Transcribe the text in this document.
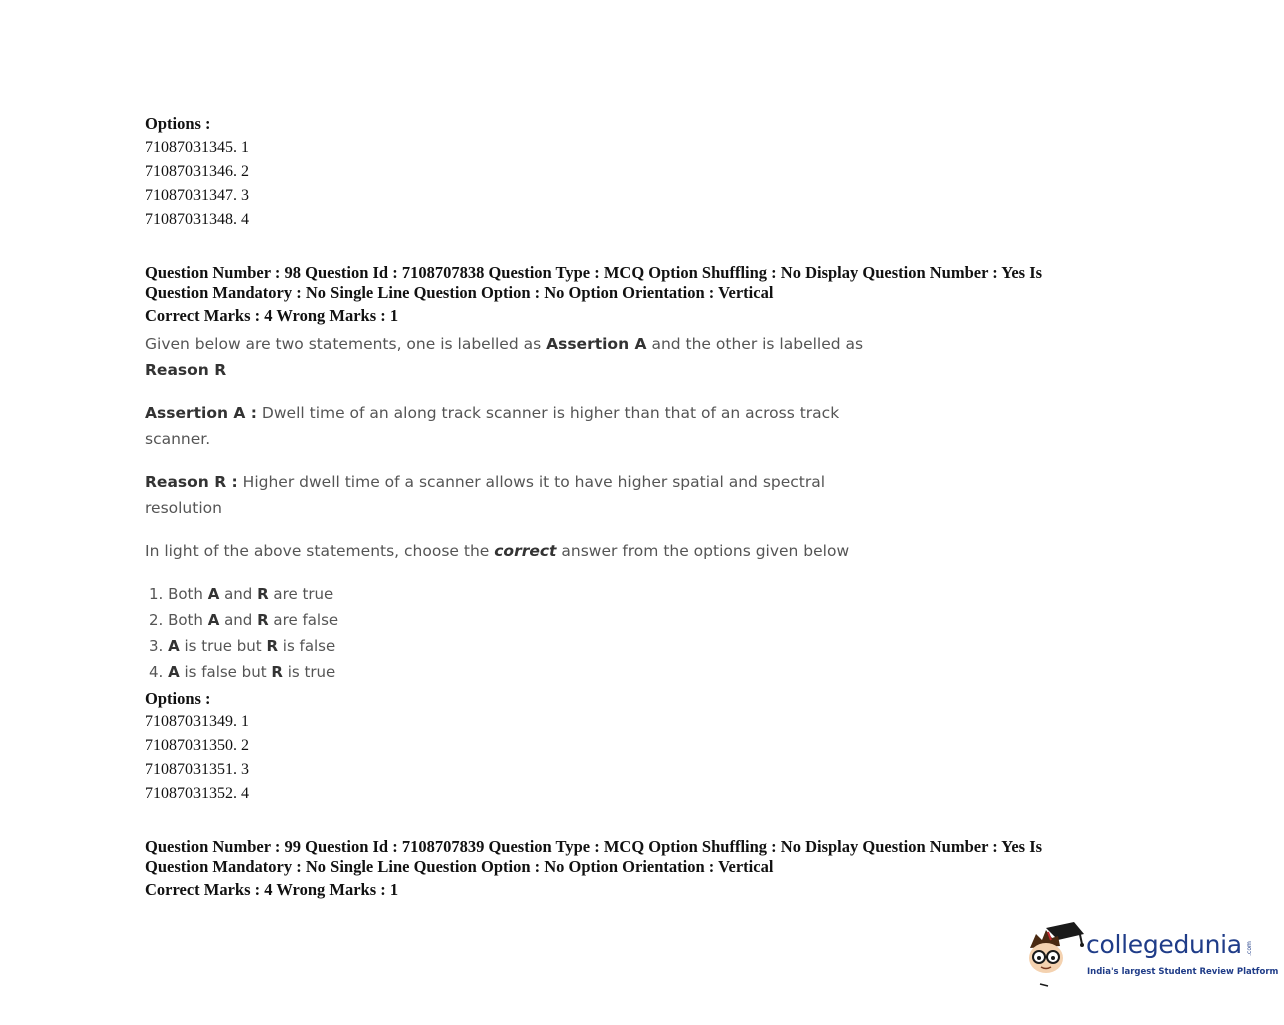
Options :
71087031345. 1
71087031346. 2
71087031347. 3
71087031348. 4
Question Number : 98 Question Id : 7108707838 Question Type : MCQ Option Shuffling : No Display Question Number : Yes Is
Question Mandatory : No Single Line Question Option : No Option Orientation : Vertical
Correct Marks : 4 Wrong Marks : 1
Given below are two statements, one is labelled as Assertion A and the other is labelled as
Reason R
Assertion A : Dwell time of an along track scanner is higher than that of an across track
scanner.
Reason R : Higher dwell time of a scanner allows it to have higher spatial and spectral
resolution
In light of the above statements, choose the correct answer from the options given below
1. Both A and R are true
2. Both A and R are false
3. A is true but R is false
4. A is false but R is true
Options :
71087031349. 1
71087031350. 2
71087031351. 3
71087031352. 4
Question Number : 99 Question Id : 7108707839 Question Type : MCQ Option Shuffling : No Display Question Number : Yes Is
Question Mandatory : No Single Line Question Option : No Option Orientation : Vertical
Correct Marks : 4 Wrong Marks : 1
collegedunia .com
India's largest Student Review Platform
